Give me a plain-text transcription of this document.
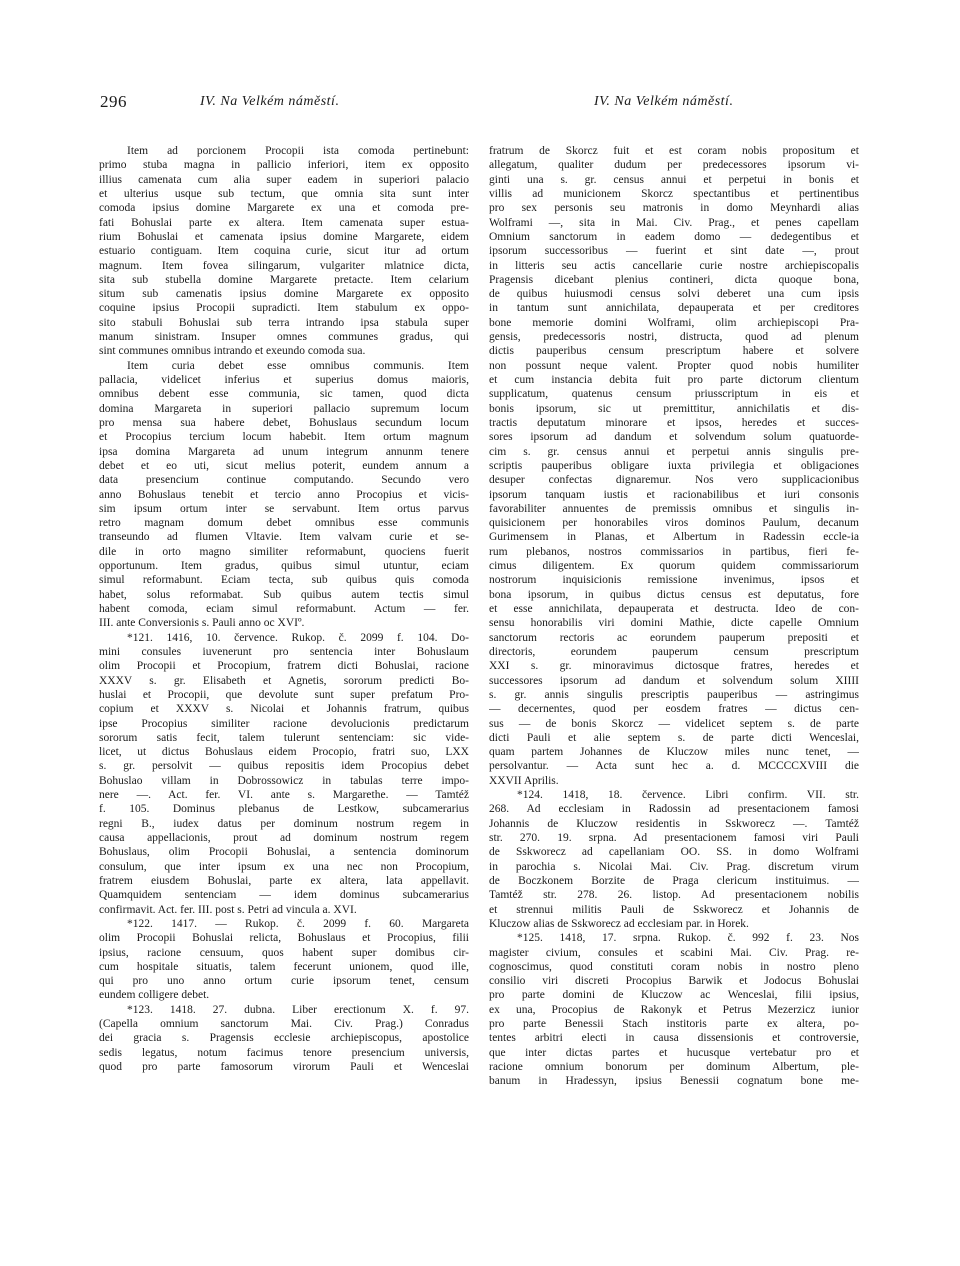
296	IV. Na Velkém náměstí.	IV. Na Velkém náměstí.
Item ad porcionem Procopii ista comoda pertinebunt:
primo stuba magna in pallicio inferiori, item ex opposito
illius camenata cum alia super eadem in superiori palacio
et ulterius usque sub tectum, que omnia sita sunt inter
comoda ipsius domine Margarete ex una et comoda pre-
fati Bohuslai parte ex altera. Item camenata super estua-
rium Bohuslai et camenata ipsius domine Margarete, eidem
estuario contiguam. Item coquina curie, sicut itur ad ortum
magnum. Item fovea silingarum, vulgariter mlatnice dicta,
sita sub stubella domine Margarete pretacte. Item celarium
situm sub camenatis ipsius domine Margarete ex opposito
coquine ipsius Procopii supradicti. Item stabulum ex oppo-
sito stabuli Bohuslai sub terra intrando ipsa stabula super
manum sinistram. Insuper omnes communes gradus, qui
sint communes omnibus intrando et exeundo comoda sua.
Item curia debet esse omnibus communis. Item
pallacia, videlicet inferius et superius domus maioris,
omnibus debent esse communia, sic tamen, quod dicta
domina Margareta in superiori pallacio supremum locum
pro mensa sua habere debet, Bohuslaus secundum locum
et Procopius tercium locum habebit. Item ortum magnum
ipsa domina Margareta ad unum integrum annunm tenere
debet et eo uti, sicut melius poterit, eundem annum a
data presencium continue computando. Secundo vero
anno Bohuslaus tenebit et tercio anno Procopius et vicis-
sim ipsum ortum inter se servabunt. Item ortus parvus
retro magnam domum debet omnibus esse communis
transeundo ad flumen Vltavie. Item valvam curie et se-
dile in orto magno similiter reformabunt, quociens fuerit
opportunum. Item gradus, quibus simul utuntur, eciam
simul reformabunt. Eciam tecta, sub quibus quis comoda
habet, solus reformabat. Sub quibus autem tectis simul
habent comoda, eciam simul reformabunt. Actum — fer.
III. ante Conversionis s. Pauli anno oc XVIº.
*121. 1416, 10. července. Rukop. č. 2099 f. 104. Do-
mini consules iuvenerunt pro sentencia inter Bohuslaum
olim Procopii et Procopium, fratrem dicti Bohuslai, racione
XXXV s. gr. Elisabeth et Agnetis, sororum predicti Bo-
huslai et Procopii, que devolute sunt super prefatum Pro-
copium et XXXV s. Nicolai et Johannis fratrum, quibus
ipse Procopius similiter racione devolucionis predictarum
sororum satis fecit, talem tulerunt sentenciam: sic vide-
licet, ut dictus Bohuslaus eidem Procopio, fratri suo, LXX
s. gr. persolvit — quibus repositis idem Procopius debet
Bohuslao villam in Dobrossowicz in tabulas terre impo-
nere —. Act. fer. VI. ante s. Margarethe. — Tamtéž
f. 105. Dominus plebanus de Lestkow, subcamerarius
regni B., iudex datus per dominum nostrum regem in
causa appellacionis, prout ad dominum nostrum regem
Bohuslaus, olim Procopii Bohuslai, a sentencia dominorum
consulum, que inter ipsum ex una nec non Procopium,
fratrem eiusdem Bohuslai, parte ex altera, lata appellavit.
Quamquidem sentenciam — idem dominus subcamerarius
confirmavit. Act. fer. III. post s. Petri ad vincula a. XVI.
*122. 1417. — Rukop. č. 2099 f. 60. Margareta
olim Procopii Bohuslai relicta, Bohuslaus et Procopius, filii
ipsius, racione censuum, quos habent super domibus cir-
cum hospitale situatis, talem fecerunt unionem, quod ille,
qui pro uno anno ortum curie ipsorum tenet, censum
eundem colligere debet.
*123. 1418. 27. dubna. Liber erectionum X. f. 97.
(Capella omnium sanctorum Mai. Civ. Prag.) Conradus
dei gracia s. Pragensis ecclesie archiepiscopus, apostolice
sedis legatus, notum facimus tenore presencium universis,
quod pro parte famosorum virorum Pauli et Wenceslai
fratrum de Skorcz fuit et est coram nobis propositum et
allegatum, qualiter dudum per predecessores ipsorum vi-
ginti una s. gr. census annui et perpetui in bonis et
villis ad municionem Skorcz spectantibus et pertinentibus
pro sex personis seu matronis in domo Meynhardi alias
Wolframi —, sita in Mai. Civ. Prag., et penes capellam
Omnium sanctorum in eadem domo — dedegentibus et
ipsorum successoribus — fuerint et sint date —, prout
in litteris seu actis cancellarie curie nostre archiepiscopalis
Pragensis dicebant plenius contineri, dicta quoque bona,
de quibus huiusmodi census solvi deberet una cum ipsis
in tantum sunt annichilata, depauperata et per creditores
bone memorie domini Wolframi, olim archiepiscopi Pra-
gensis, predecessoris nostri, distructa, quod ad plenum
dictis pauperibus censum prescriptum habere et solvere
non possunt neque valent. Propter quod nobis humiliter
et cum instancia debita fuit pro parte dictorum clientum
supplicatum, quatenus censum priusscriptum in eis et
bonis ipsorum, sic ut premittitur, annichilatis et dis-
tractis deputatum minorare et ipsos, heredes et succes-
sores ipsorum ad dandum et solvendum solum quatuorde-
cim s. gr. census annui et perpetui annis singulis pre-
scriptis pauperibus obligare iuxta privilegia et obligaciones
desuper confectas dignaremur. Nos vero supplicacionibus
ipsorum tanquam iustis et racionabilibus et iuri consonis
favorabiliter annuentes de premissis omnibus et singulis in-
quisicionem per honorabiles viros dominos Paulum, decanum
Gurimensem in Planas, et Albertum in Radessin eccle-ia
rum plebanos, nostros commissarios in partibus, fieri fe-
cimus diligentem. Ex quorum quidem commissariorum
nostrorum inquisicionis remissione invenimus, ipsos et
bona ipsorum, in quibus dictus census est deputatus, fore
et esse annichilata, depauperata et destructa. Ideo de con-
sensu honorabilis viri domini Mathie, dicte capelle Omnium
sanctorum rectoris ac eorundem pauperum prepositi et
directoris, eorundem pauperum censum prescriptum
XXI s. gr. minoravimus dictosque fratres, heredes et
successores ipsorum ad dandum et solvendum solum XIIII
s. gr. annis singulis prescriptis pauperibus — astringimus
— decernentes, quod per eosdem fratres — dictus cen-
sus — de bonis Skorcz — videlicet septem s. de parte
dicti Pauli et alie septem s. de parte dicti Wenceslai,
quam partem Johannes de Kluczow miles nunc tenet, —
persolvantur. — Acta sunt hec a. d. MCCCCXVIII die
XXVII Aprilis.
*124. 1418, 18. července. Libri confirm. VII. str.
268. Ad ecclesiam in Radossin ad presentacionem famosi
Johannis de Kluczow residentis in Sskworecz —. Tamtéž
str. 270. 19. srpna. Ad presentacionem famosi viri Pauli
de Sskworecz ad capellaniam OO. SS. in domo Wolframi
in parochia s. Nicolai Mai. Civ. Prag. discretum virum
de Boczkonem Borzite de Praga clericum instituimus. —
Tamtéž str. 278. 26. listop. Ad presentacionem nobilis
et strennui militis Pauli de Sskworecz et Johannis de
Kluczow alias de Sskworecz ad ecclesiam par. in Horek.
*125. 1418, 17. srpna. Rukop. č. 992 f. 23. Nos
magister civium, consules et scabini Mai. Civ. Prag. re-
cognoscimus, quod constituti coram nobis in nostro pleno
consilio viri discreti Procopius Barwik et Jodocus Bohuslai
pro parte domini de Kluczow ac Wenceslai, filii ipsius,
ex una, Procopius de Rakonyk et Petrus Mezerzicz iunior
pro parte Benessii Stach institoris parte ex altera, po-
tentes arbitri electi in causa dissensionis et controversie,
que inter dictas partes et hucusque vertebatur pro et
racione omnium bonorum per dominum Albertum, ple-
banum in Hradessyn, ipsius Benessii cognatum bone me-
